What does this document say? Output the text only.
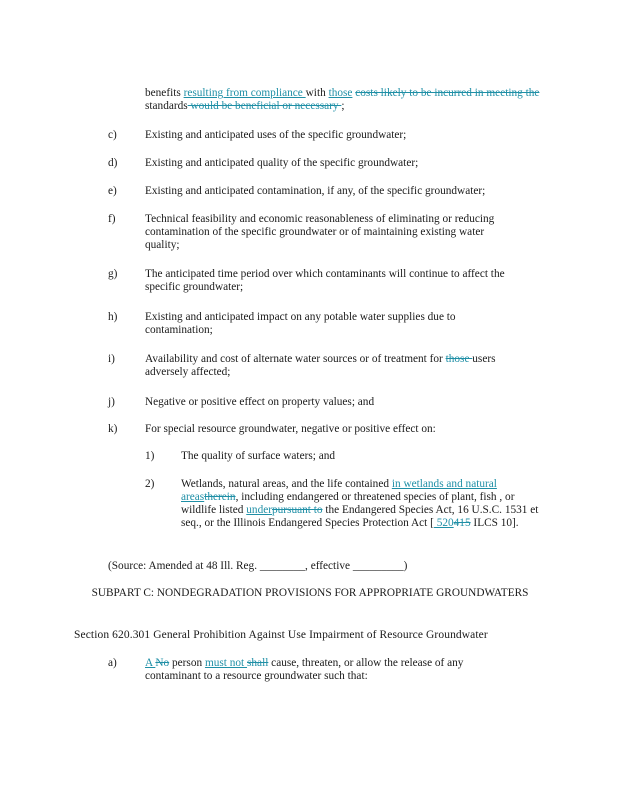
benefits resulting from compliance with those costs likely to be incurred in meeting the standards would be beneficial or necessary ;
c) Existing and anticipated uses of the specific groundwater;
d) Existing and anticipated quality of the specific groundwater;
e) Existing and anticipated contamination, if any, of the specific groundwater;
f)	Technical feasibility and economic reasonableness of eliminating or reducing contamination of the specific groundwater or of maintaining existing water quality;
g) The anticipated time period over which contaminants will continue to affect the specific groundwater;
h) Existing and anticipated impact on any potable water supplies due to contamination;
i)	Availability and cost of alternate water sources or of treatment for those users adversely affected;
j)	Negative or positive effect on property values; and
k) For special resource groundwater, negative or positive effect on:
1) The quality of surface waters; and
2) Wetlands, natural areas, and the life contained in wetlands and natural areastherein, including endangered or threatened species of plant, fish , or wildlife listed underpursuant to the Endangered Species Act, 16 U.S.C. 1531 et seq., or the Illinois Endangered Species Protection Act [ 520415 ILCS 10].
(Source: Amended at 48 Ill. Reg. ________, effective _________)
SUBPART C: NONDEGRADATION PROVISIONS FOR APPROPRIATE GROUNDWATERS
Section 620.301 General Prohibition Against Use Impairment of Resource Groundwater
a) A No person must not shall cause, threaten, or allow the release of any contaminant to a resource groundwater such that:
